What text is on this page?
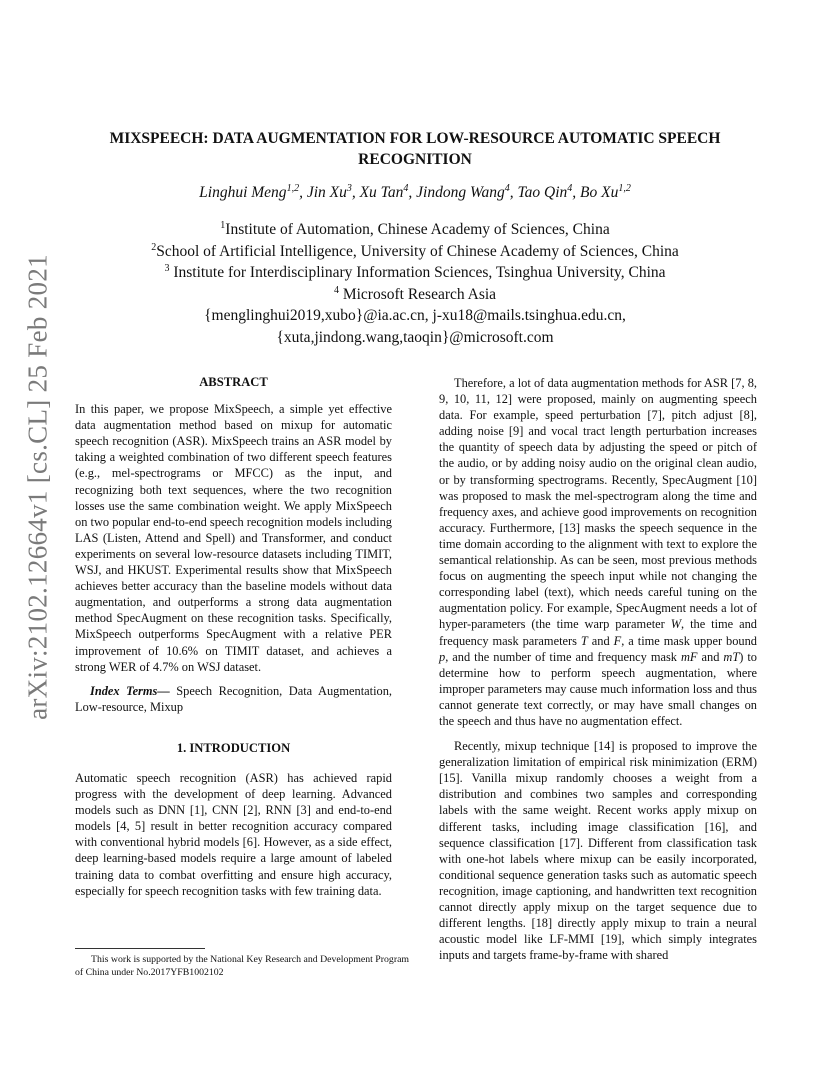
arXiv:2102.12664v1 [cs.CL] 25 Feb 2021
MIXSPEECH: DATA AUGMENTATION FOR LOW-RESOURCE AUTOMATIC SPEECH RECOGNITION
Linghui Meng$^{1,2}$, Jin Xu$^3$, Xu Tan$^4$, Jindong Wang$^4$, Tao Qin$^4$, Bo Xu$^{1,2}$
$^1$Institute of Automation, Chinese Academy of Sciences, China
$^2$School of Artificial Intelligence, University of Chinese Academy of Sciences, China
$^3$ Institute for Interdisciplinary Information Sciences, Tsinghua University, China
$^4$ Microsoft Research Asia
{menglinghui2019,xubo}@ia.ac.cn, j-xu18@mails.tsinghua.edu.cn,
{xuta,jindong.wang,taoqin}@microsoft.com
ABSTRACT

In this paper, we propose MixSpeech, a simple yet effective data augmentation method based on mixup for automatic speech recognition (ASR). MixSpeech trains an ASR model by taking a weighted combination of two different speech features (e.g., mel-spectrograms or MFCC) as the input, and recognizing both text sequences, where the two recognition losses use the same combination weight. We apply MixSpeech on two popular end-to-end speech recognition models including LAS (Listen, Attend and Spell) and Transformer, and conduct experiments on several low-resource datasets including TIMIT, WSJ, and HKUST. Experimental results show that MixSpeech achieves better accuracy than the baseline models without data augmentation, and outperforms a strong data augmentation method SpecAugment on these recognition tasks. Specifically, MixSpeech outperforms SpecAugment with a relative PER improvement of 10.6% on TIMIT dataset, and achieves a strong WER of 4.7% on WSJ dataset.

Index Terms— Speech Recognition, Data Augmentation, Low-resource, Mixup

1. INTRODUCTION

Automatic speech recognition (ASR) has achieved rapid progress with the development of deep learning. Advanced models such as DNN [1], CNN [2], RNN [3] and end-to-end models [4, 5] result in better recognition accuracy compared with conventional hybrid models [6]. However, as a side effect, deep learning-based models require a large amount of labeled training data to combat overfitting and ensure high accuracy, especially for speech recognition tasks with few training data.

This work is supported by the National Key Research and Development Program of China under No.2017YFB1002102

Therefore, a lot of data augmentation methods for ASR [7, 8, 9, 10, 11, 12] were proposed, mainly on augmenting speech data. For example, speed perturbation [7], pitch adjust [8], adding noise [9] and vocal tract length perturbation increases the quantity of speech data by adjusting the speed or pitch of the audio, or by adding noisy audio on the original clean audio, or by transforming spectrograms. Recently, SpecAugment [10] was proposed to mask the mel-spectrogram along the time and frequency axes, and achieve good improvements on recognition accuracy. Furthermore, [13] masks the speech sequence in the time domain according to the alignment with text to explore the semantical relationship. As can be seen, most previous methods focus on augmenting the speech input while not changing the corresponding label (text), which needs careful tuning on the augmentation policy. For example, SpecAugment needs a lot of hyper-parameters (the time warp parameter W, the time and frequency mask parameters T and F, a time mask upper bound p, and the number of time and frequency mask mF and mT) to determine how to perform speech augmentation, where improper parameters may cause much information loss and thus cannot generate text correctly, or may have small changes on the speech and thus have no augmentation effect.

Recently, mixup technique [14] is proposed to improve the generalization limitation of empirical risk minimization (ERM) [15]. Vanilla mixup randomly chooses a weight from a distribution and combines two samples and corresponding labels with the same weight. Recent works apply mixup on different tasks, including image classification [16], and sequence classification [17]. Different from classification task with one-hot labels where mixup can be easily incorporated, conditional sequence generation tasks such as automatic speech recognition, image captioning, and handwritten text recognition cannot directly apply mixup on the target sequence due to different lengths. [18] directly apply mixup to train a neural acoustic model like LF-MMI [19], which simply integrates inputs and targets frame-by-frame with shared
